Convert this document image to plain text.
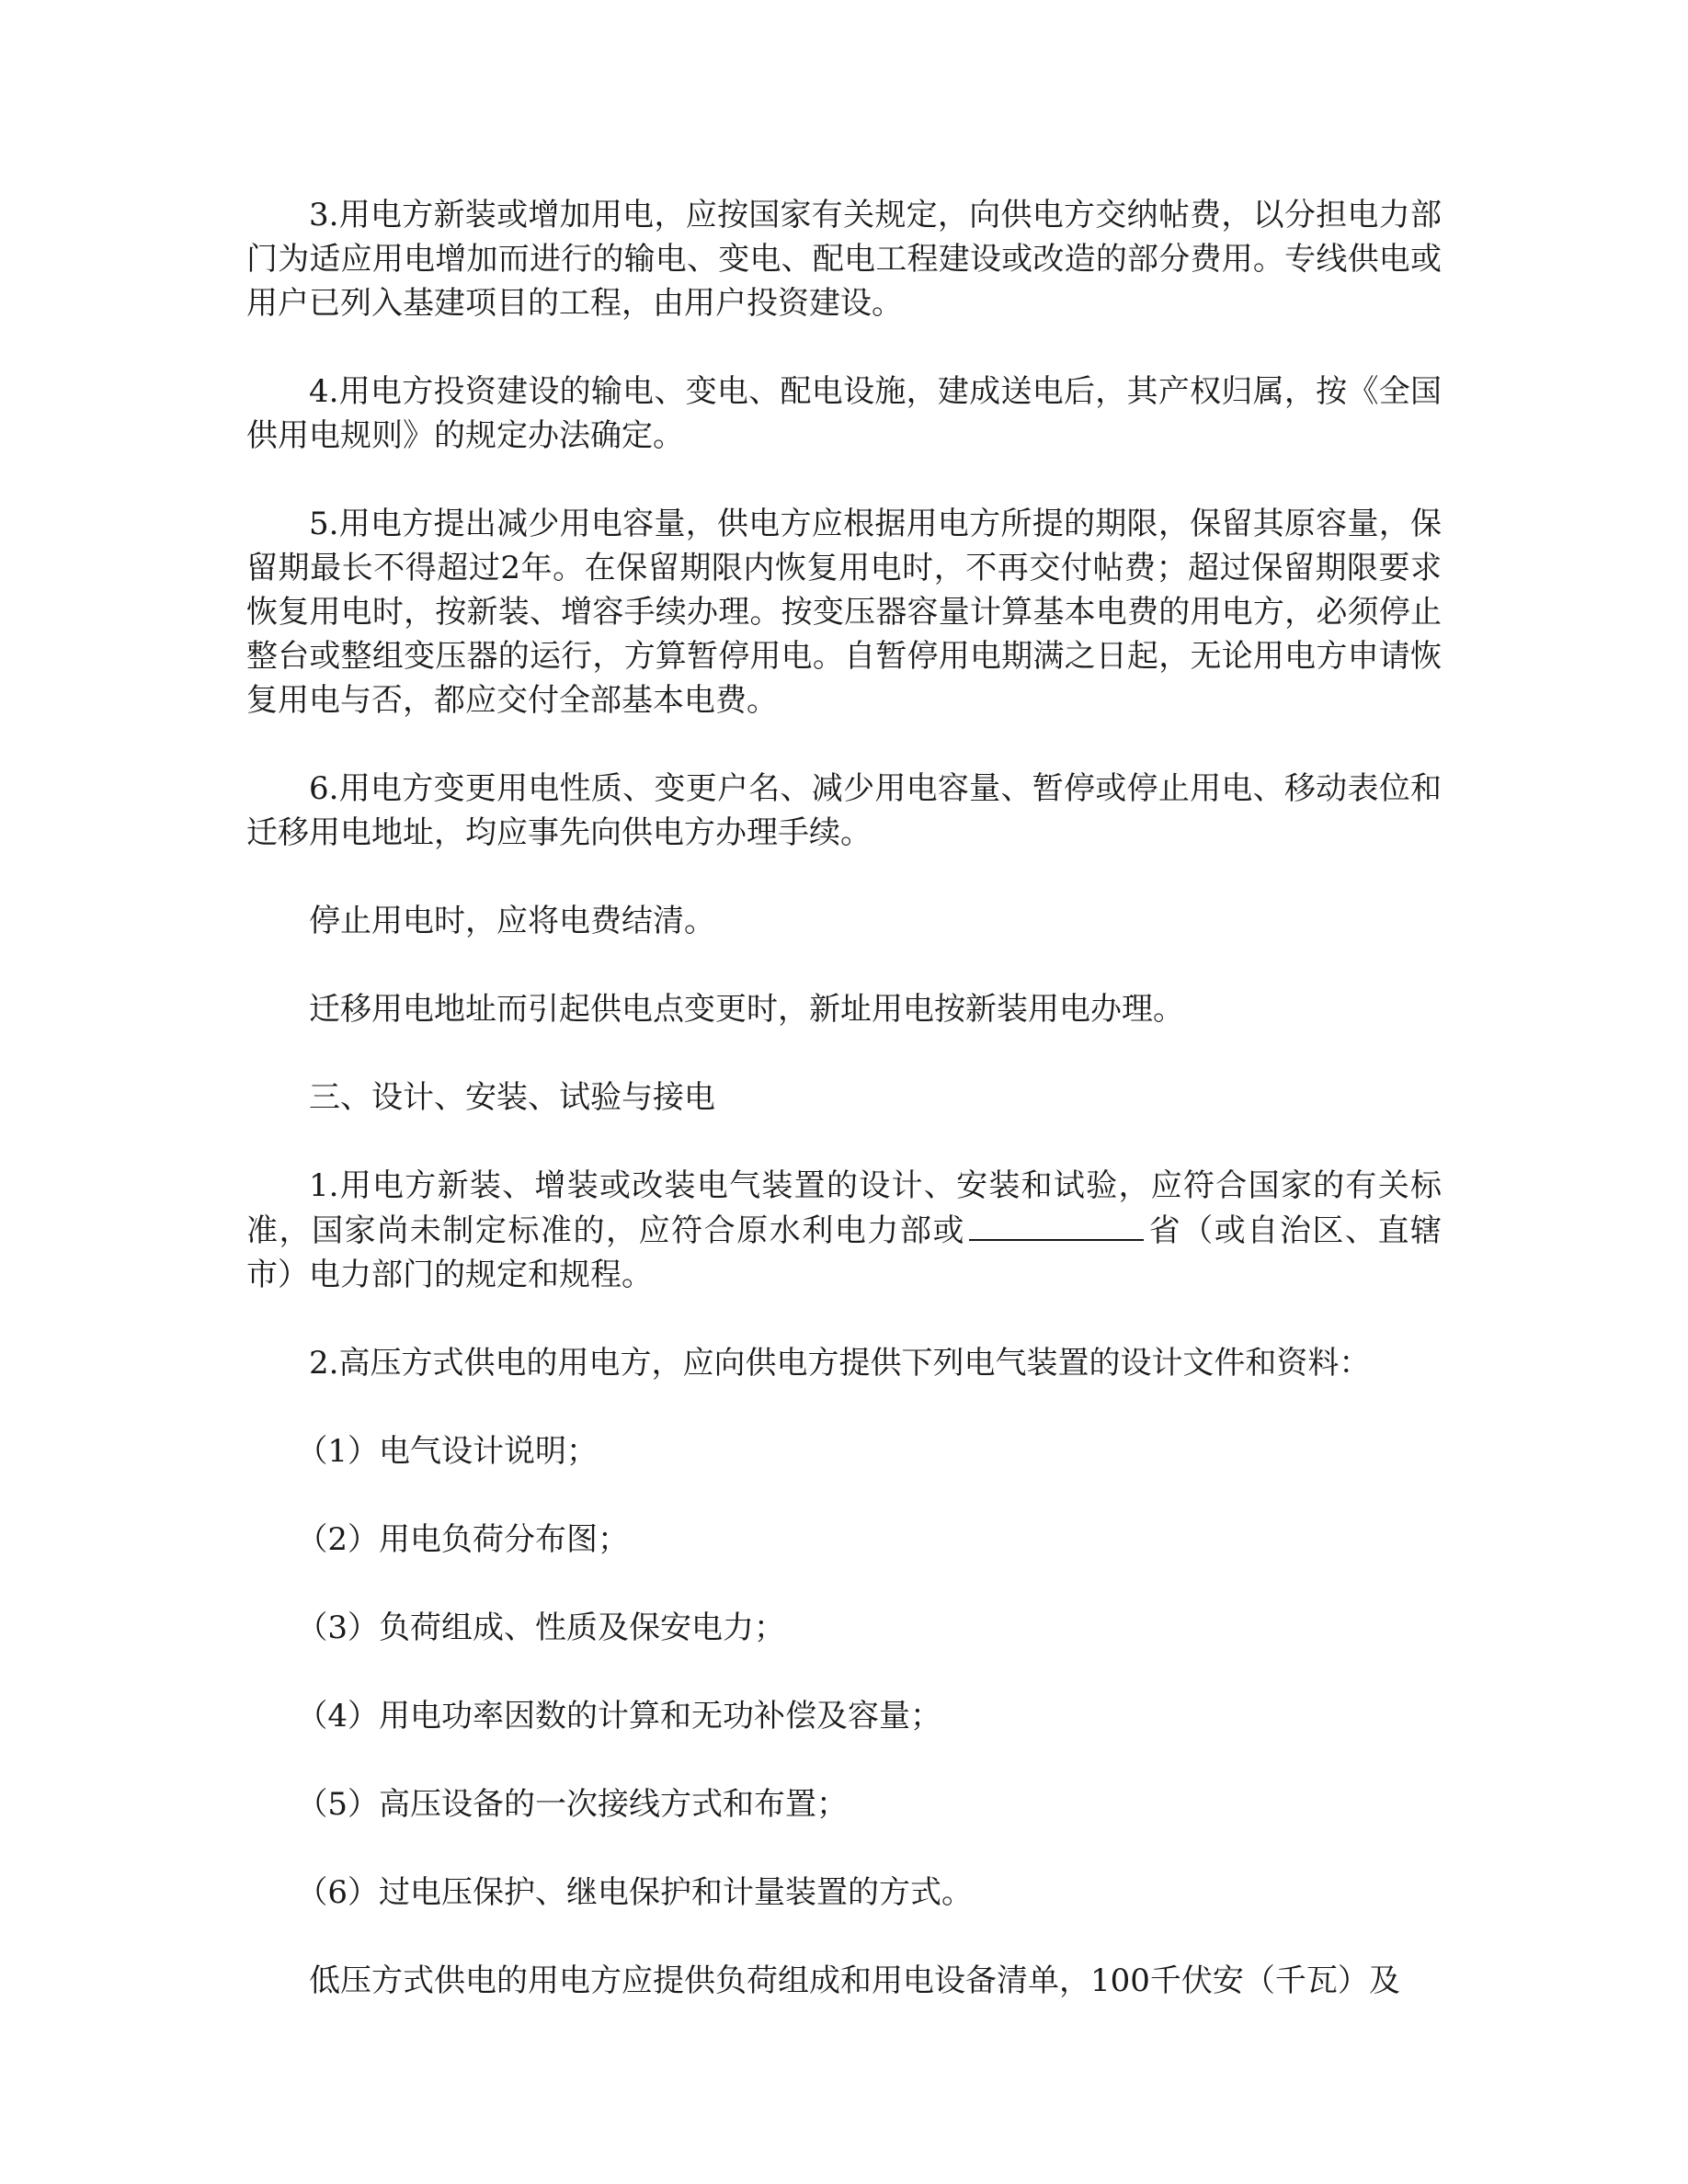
3.用电方新装或增加用电，应按国家有关规定，向供电方交纳帖费，以分担电力部门为适应用电增加而进行的输电、变电、配电工程建设或改造的部分费用。专线供电或用户已列入基建项目的工程，由用户投资建设。

4.用电方投资建设的输电、变电、配电设施，建成送电后，其产权归属，按《全国供用电规则》的规定办法确定。

5.用电方提出减少用电容量，供电方应根据用电方所提的期限，保留其原容量，保留期最长不得超过2年。在保留期限内恢复用电时，不再交付帖费；超过保留期限要求恢复用电时，按新装、增容手续办理。按变压器容量计算基本电费的用电方，必须停止整台或整组变压器的运行，方算暂停用电。自暂停用电期满之日起，无论用电方申请恢复用电与否，都应交付全部基本电费。

6.用电方变更用电性质、变更户名、减少用电容量、暂停或停止用电、移动表位和迁移用电地址，均应事先向供电方办理手续。

停止用电时，应将电费结清。

迁移用电地址而引起供电点变更时，新址用电按新装用电办理。

三、设计、安装、试验与接电

1.用电方新装、增装或改装电气装置的设计、安装和试验，应符合国家的有关标准，国家尚未制定标准的，应符合原水利电力部或	省（或自治区、直辖市）电力部门的规定和规程。

2.高压方式供电的用电方，应向供电方提供下列电气装置的设计文件和资料：

（1）电气设计说明；

（2）用电负荷分布图；

（3）负荷组成、性质及保安电力；

（4）用电功率因数的计算和无功补偿及容量；

（5）高压设备的一次接线方式和布置；

（6）过电压保护、继电保护和计量装置的方式。

低压方式供电的用电方应提供负荷组成和用电设备清单，100千伏安（千瓦）及
